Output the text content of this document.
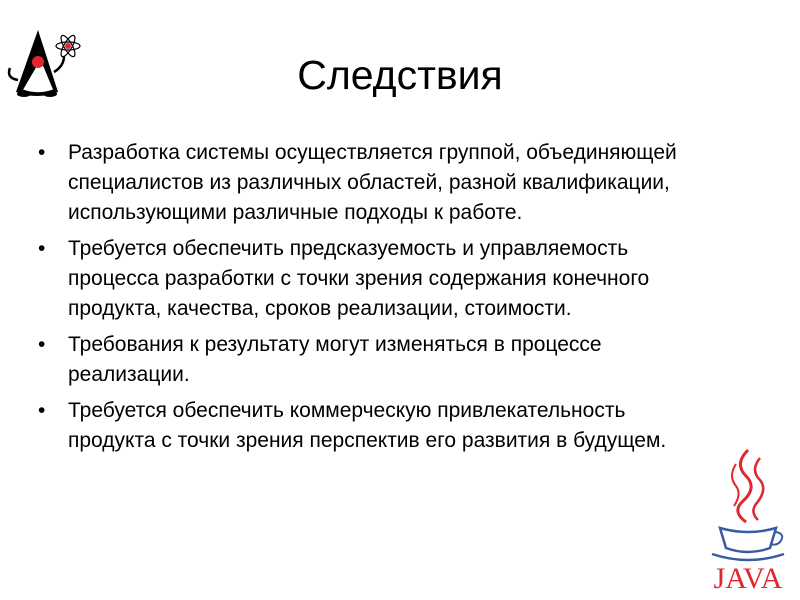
Следствия
• Разработка системы осуществляется группой, объединяющей специалистов из различных областей, разной квалификации, использующими различные подходы к работе.
• Требуется обеспечить предсказуемость и управляемость процесса разработки с точки зрения содержания конечного продукта, качества, сроков реализации, стоимости.
• Требования к результату могут изменяться в процессе реализации.
• Требуется обеспечить коммерческую привлекательность продукта с точки зрения перспектив его развития в будущем.
JAVA
